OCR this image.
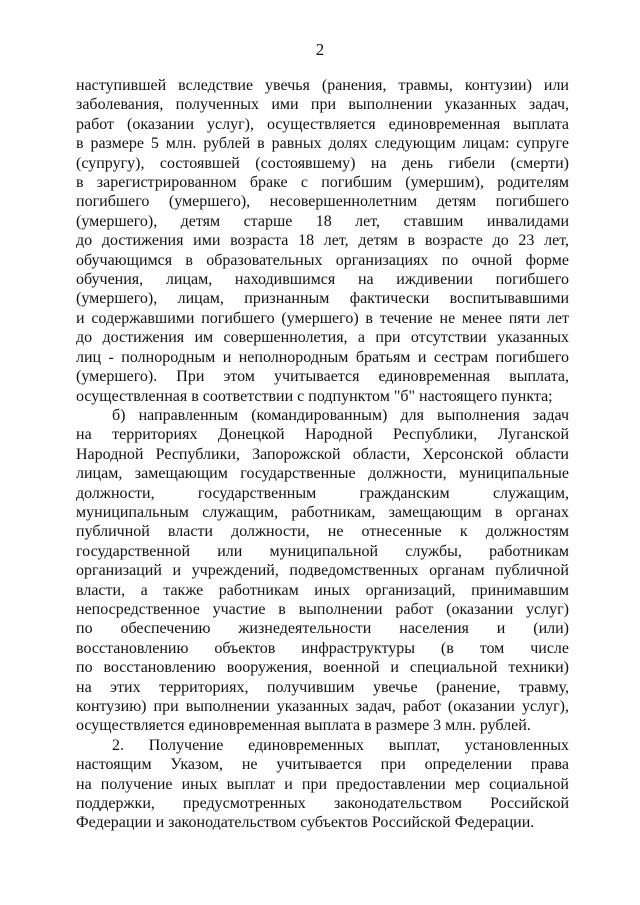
2
наступившей вследствие увечья (ранения, травмы, контузии) или
заболевания, полученных ими при выполнении указанных задач,
работ (оказании услуг), осуществляется единовременная выплата
в размере 5 млн. рублей в равных долях следующим лицам: супруге
(супругу), состоявшей (состоявшему) на день гибели (смерти)
в зарегистрированном браке с погибшим (умершим), родителям
погибшего (умершего), несовершеннолетним детям погибшего
(умершего), детям старше 18 лет, ставшим инвалидами
до достижения ими возраста 18 лет, детям в возрасте до 23 лет,
обучающимся в образовательных организациях по очной форме
обучения, лицам, находившимся на иждивении погибшего
(умершего), лицам, признанным фактически воспитывавшими
и содержавшими погибшего (умершего) в течение не менее пяти лет
до достижения им совершеннолетия, а при отсутствии указанных
лиц - полнородным и неполнородным братьям и сестрам погибшего
(умершего). При этом учитывается единовременная выплата,
осуществленная в соответствии с подпунктом "б" настоящего пункта;
б) направленным (командированным) для выполнения задач
на территориях Донецкой Народной Республики, Луганской
Народной Республики, Запорожской области, Херсонской области
лицам, замещающим государственные должности, муниципальные
должности, государственным гражданским служащим,
муниципальным служащим, работникам, замещающим в органах
публичной власти должности, не отнесенные к должностям
государственной или муниципальной службы, работникам
организаций и учреждений, подведомственных органам публичной
власти, а также работникам иных организаций, принимавшим
непосредственное участие в выполнении работ (оказании услуг)
по обеспечению жизнедеятельности населения и (или)
восстановлению объектов инфраструктуры (в том числе
по восстановлению вооружения, военной и специальной техники)
на этих территориях, получившим увечье (ранение, травму,
контузию) при выполнении указанных задач, работ (оказании услуг),
осуществляется единовременная выплата в размере 3 млн. рублей.
2. Получение единовременных выплат, установленных
настоящим Указом, не учитывается при определении права
на получение иных выплат и при предоставлении мер социальной
поддержки, предусмотренных законодательством Российской
Федерации и законодательством субъектов Российской Федерации.
